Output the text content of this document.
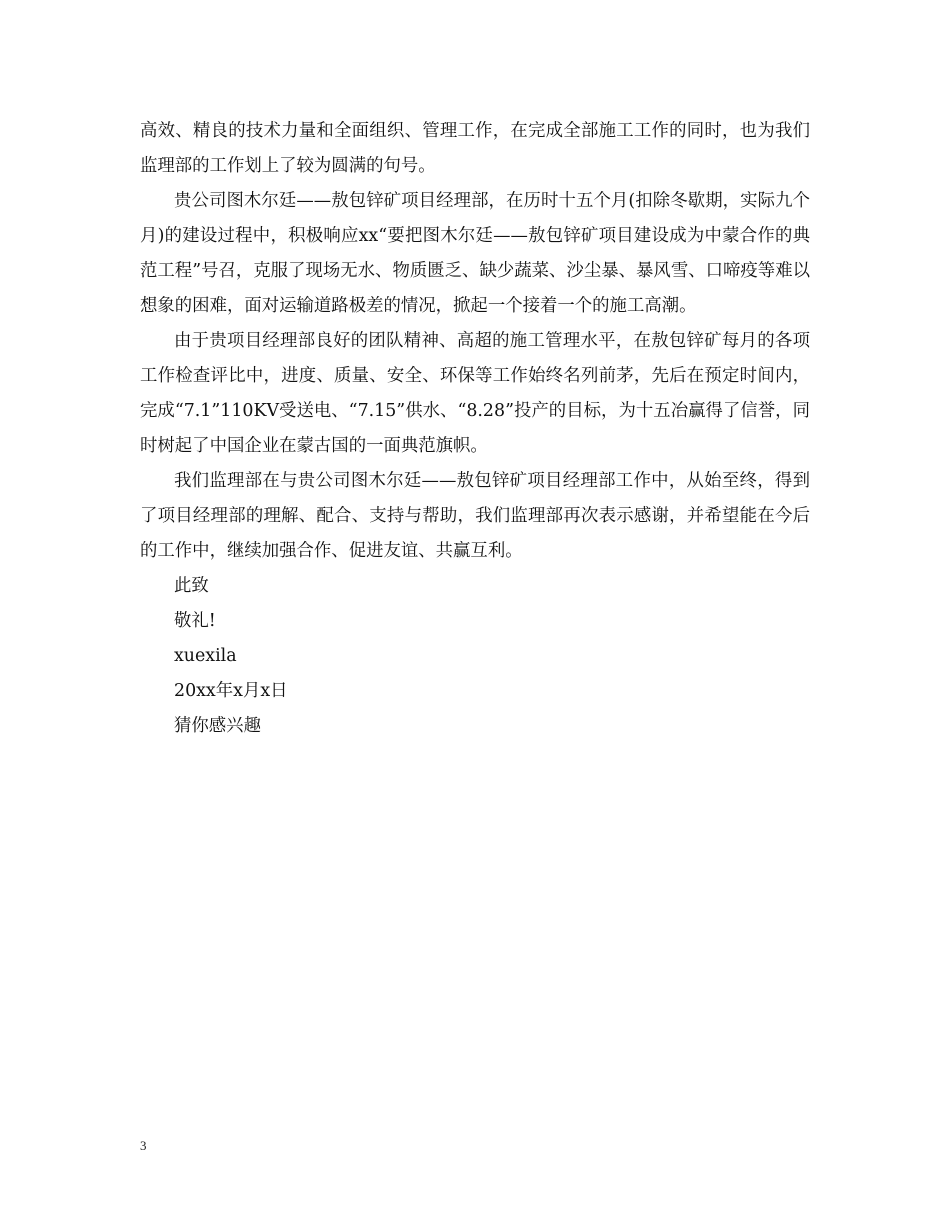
高效、精良的技术力量和全面组织、管理工作，在完成全部施工工作的同时，也为我们监理部的工作划上了较为圆满的句号。

贵公司图木尔廷——敖包锌矿项目经理部，在历时十五个月(扣除冬歇期，实际九个月)的建设过程中，积极响应xx“要把图木尔廷——敖包锌矿项目建设成为中蒙合作的典范工程”号召，克服了现场无水、物质匮乏、缺少蔬菜、沙尘暴、暴风雪、口啼疫等难以想象的困难，面对运输道路极差的情况，掀起一个接着一个的施工高潮。

由于贵项目经理部良好的团队精神、高超的施工管理水平，在敖包锌矿每月的各项工作检查评比中，进度、质量、安全、环保等工作始终名列前茅，先后在预定时间内，完成“7.1”110KV受送电、“7.15”供水、“8.28”投产的目标，为十五冶赢得了信誉，同时树起了中国企业在蒙古国的一面典范旗帜。

我们监理部在与贵公司图木尔廷——敖包锌矿项目经理部工作中，从始至终，得到了项目经理部的理解、配合、支持与帮助，我们监理部再次表示感谢，并希望能在今后的工作中，继续加强合作、促进友谊、共赢互利。

此致

敬礼!

xuexila

20xx年x月x日

猜你感兴趣

3
